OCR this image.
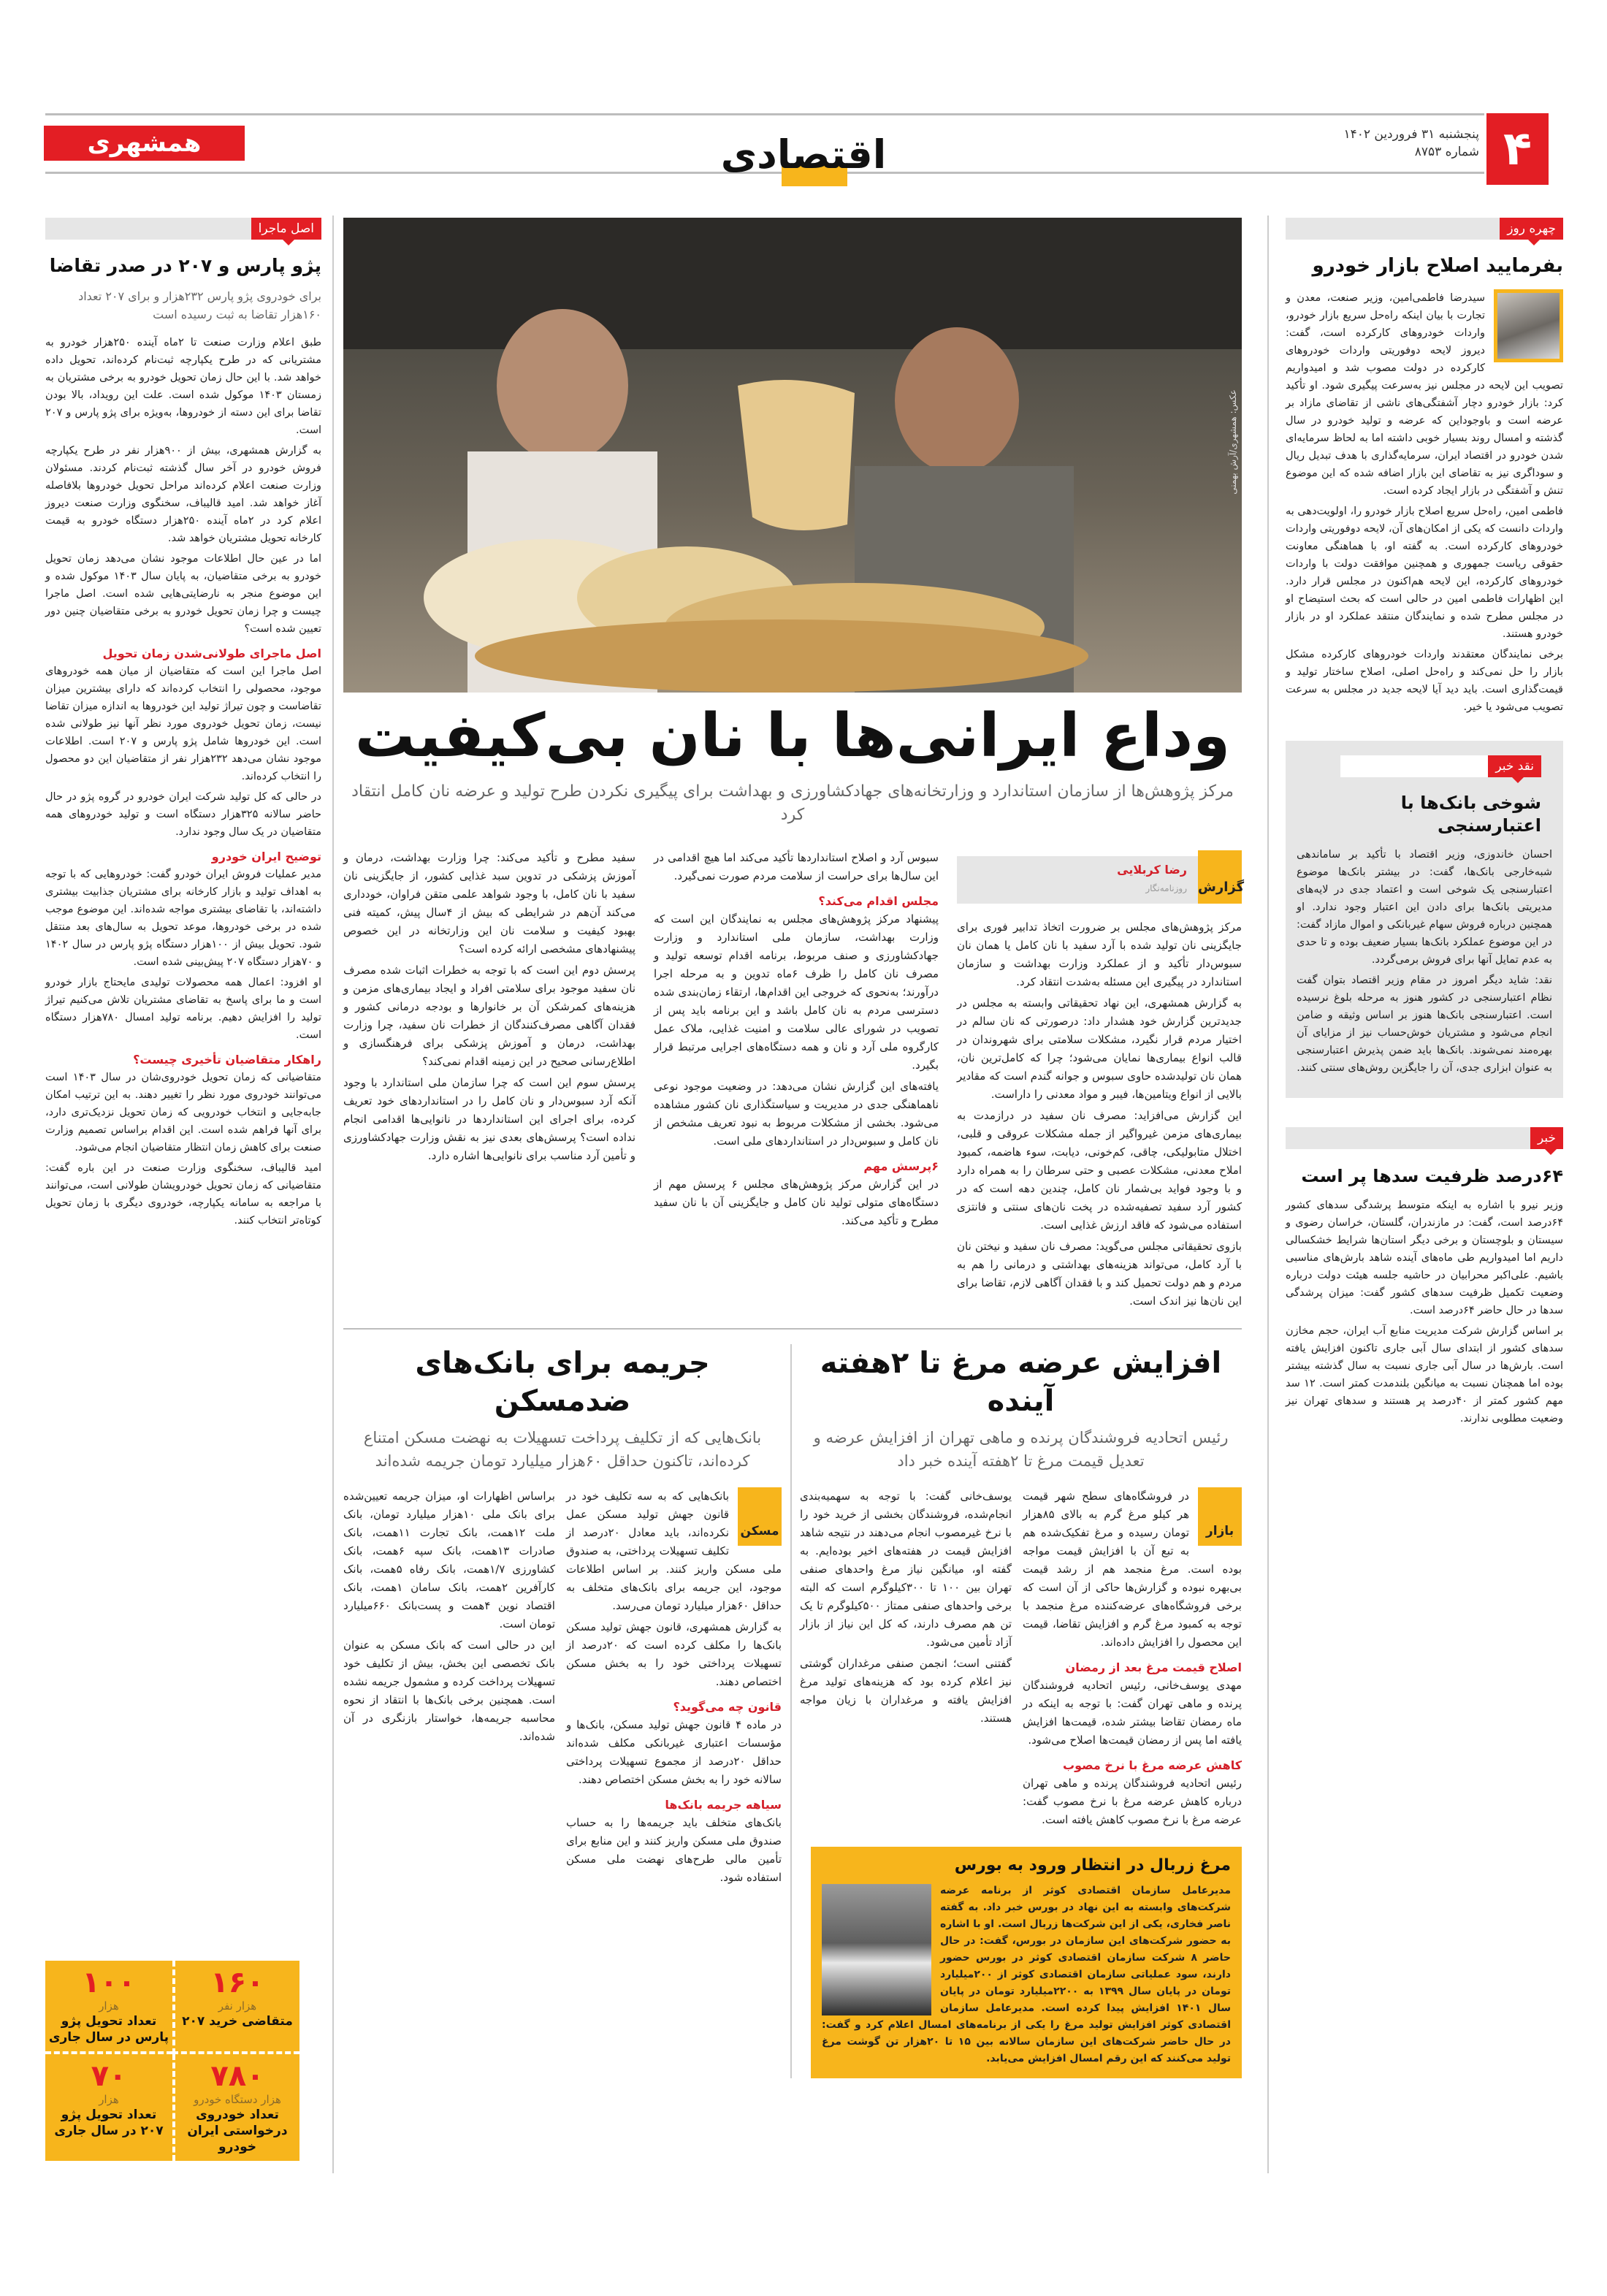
۴
پنجشنبه ۳۱ فروردین ۱۴۰۲
شماره ۸۷۵۳
اقتصادی
همشهری
چهره روز
بفرمایید اصلاح بازار خودرو

سیدرضا فاطمی‌امین، وزیر صنعت، معدن و تجارت با بیان اینکه راه‌حل سریع بازار خودرو، واردات خودروهای کارکرده است، گفت: دیروز لایحه دوفوریتی واردات خودروهای کارکرده در دولت مصوب شد و امیدواریم تصویب این لایحه در مجلس نیز به‌سرعت پیگیری شود. او تأکید کرد: بازار خودرو دچار آشفتگی‌های ناشی از تقاضای مازاد بر عرضه است و باوجوداین که عرضه و تولید خودرو در سال گذشته و امسال روند بسیار خوبی داشته اما به لحاظ سرمایه‌ای شدن خودرو در اقتصاد ایران، سرمایه‌گذاری با هدف تبدیل ریال و سوداگری نیز به تقاضای این بازار اضافه شده که این موضوع تنش و آشفتگی در بازار ایجاد کرده است.

فاطمی امین، راه‌حل سریع اصلاح بازار خودرو را، اولویت‌دهی به واردات دانست که یکی از امکان‌های آن، لایحه دوفوریتی واردات خودروهای کارکرده است. به گفته او، با هماهنگی معاونت حقوقی ریاست جمهوری و همچنین موافقت دولت با واردات خودروهای کارکرده، این لایحه هم‌اکنون در مجلس قرار دارد. این اظهارات فاطمی امین در حالی است که بحث استیضاح او در مجلس مطرح شده و نمایندگان منتقد عملکرد او در بازار خودرو هستند.

برخی نمایندگان معتقدند واردات خودروهای کارکرده مشکل بازار را حل نمی‌کند و راه‌حل اصلی، اصلاح ساختار تولید و قیمت‌گذاری است. باید دید آیا لایحه جدید در مجلس به سرعت تصویب می‌شود یا خیر.

نقد خبر
شوخی بانک‌ها با اعتبارسنجی

احسان خاندوزی، وزیر اقتصاد با تأکید بر ساماندهی شبه‌خارجی بانک‌ها، گفت: در بیشتر بانک‌ها موضوع اعتبارسنجی یک شوخی است و اعتماد جدی در لایه‌های مدیریتی بانک‌ها برای دادن این اعتبار وجود ندارد. او همچنین درباره فروش سهام غیربانکی و اموال مازاد گفت: در این موضوع عملکرد بانک‌ها بسیار ضعیف بوده و تا حدی به عدم تمایل آنها برای فروش برمی‌گردد.

نقد: شاید دیگر امروز در مقام وزیر اقتصاد بتوان گفت نظام اعتبارسنجی در کشور هنوز به مرحله بلوغ نرسیده است. اعتبارسنجی بانک‌ها هنوز بر اساس وثیقه و ضامن انجام می‌شود و مشتریان خوش‌حساب نیز از مزایای آن بهره‌مند نمی‌شوند. بانک‌ها باید ضمن پذیرش اعتبارسنجی به عنوان ابزاری جدی، آن را جایگزین روش‌های سنتی کنند.

خبر
۶۴درصد ظرفیت سدها پر است

وزیر نیرو با اشاره به اینکه متوسط پرشدگی سدهای کشور ۶۴درصد است، گفت: در مازندران، گلستان، خراسان رضوی و سیستان و بلوچستان و برخی دیگر استان‌ها شرایط خشکسالی داریم اما امیدواریم طی ماه‌های آینده شاهد بارش‌های مناسبی باشیم. علی‌اکبر محرابیان در حاشیه جلسه هیئت دولت درباره وضعیت تکمیل ظرفیت سدهای کشور گفت: میزان پرشدگی سدها در حال حاضر ۶۴درصد است.

بر اساس گزارش شرکت مدیریت منابع آب ایران، حجم مخازن سدهای کشور از ابتدای سال آبی جاری تاکنون افزایش یافته است. بارش‌ها در سال آبی جاری نسبت به سال گذشته بیشتر بوده اما همچنان نسبت به میانگین بلندمدت کمتر است. ۱۲ سد مهم کشور کمتر از ۴۰درصد پر هستند و سدهای تهران نیز وضعیت مطلوبی ندارند.

عکس: همشهری/آرش بهمنی
وداع ایرانی‌ها با نان بی‌کیفیت
مرکز پژوهش‌ها از سازمان استاندارد و وزارتخانه‌های جهادکشاورزی و بهداشت برای پیگیری نکردن طرح تولید و عرضه نان کامل انتقاد کرد
گزارش
رضا کربلایی
روزنامه‌نگار

مرکز پژوهش‌های مجلس بر ضرورت اتخاذ تدابیر فوری برای جایگزینی نان تولید شده با آرد سفید با نان کامل یا همان نان سبوس‌دار تأکید و از عملکرد وزارت بهداشت و سازمان استاندارد در پیگیری این مسئله به‌شدت انتقاد کرد.

به گزارش همشهری، این نهاد تحقیقاتی وابسته به مجلس در جدیدترین گزارش خود هشدار داد: درصورتی که نان سالم در اختیار مردم قرار نگیرد، مشکلات سلامتی برای شهروندان در قالب انواع بیماری‌ها نمایان می‌شود؛ چرا که کامل‌ترین نان، همان نان تولیدشده حاوی سبوس و جوانه گندم است که مقادیر بالایی از انواع ویتامین‌ها، فیبر و مواد معدنی را داراست.

این گزارش می‌افزاید: مصرف نان سفید در درازمدت به بیماری‌های مزمن غیرواگیر از جمله مشکلات عروقی و قلبی، اختلال متابولیکی، چاقی، کم‌خونی، دیابت، سوء هاضمه، کمبود املاح معدنی، مشکلات عصبی و حتی سرطان را به همراه دارد و با وجود فواید بی‌شمار نان کامل، چندین دهه است که در کشور آرد سفید تصفیه‌شده در پخت نان‌های سنتی و فانتزی استفاده می‌شود که فاقد ارزش غذایی است.

بازوی تحقیقاتی مجلس می‌گوید: مصرف نان سفید و نیختن نان با آرد کامل، می‌تواند هزینه‌های بهداشتی و درمانی را هم به مردم و هم دولت تحمیل کند و با فقدان آگاهی لازم، تقاضا برای این نان‌ها نیز اندک است.

سبوس آرد و اصلاح استانداردها تأکید می‌کند اما هیچ اقدامی در این سال‌ها برای حراست از سلامت مردم صورت نمی‌گیرد.

مجلس اقدام می‌کند؟

پیشنهاد مرکز پژوهش‌های مجلس به نمایندگان این است که وزارت بهداشت، سازمان ملی استاندارد و وزارت جهادکشاورزی و صنف مربوط، برنامه اقدام توسعه تولید و مصرف نان کامل را ظرف ۶ماه تدوین و به مرحله اجرا درآورند؛ به‌نحوی که خروجی این اقدام‌ها، ارتقاء زمان‌بندی شده دسترسی مردم به نان کامل باشد و این برنامه باید پس از تصویب در شورای عالی سلامت و امنیت غذایی، ملاک عمل کارگروه ملی آرد و نان و همه دستگاه‌های اجرایی مرتبط قرار بگیرد.

یافته‌های این گزارش نشان می‌دهد: در وضعیت موجود نوعی ناهماهنگی جدی در مدیریت و سیاستگذاری نان کشور مشاهده می‌شود. بخشی از مشکلات مربوط به نبود تعریف مشخص از نان کامل و سبوس‌دار در استانداردهای ملی است.

۶پرسش مهم

در این گزارش مرکز پژوهش‌های مجلس ۶ پرسش مهم از دستگاه‌های متولی تولید نان کامل و جایگزینی آن با نان سفید مطرح و تأکید می‌کند.

سفید مطرح و تأکید می‌کند: چرا وزارت بهداشت، درمان و آموزش پزشکی در تدوین سبد غذایی کشور، از جایگزینی نان سفید با نان کامل، با وجود شواهد علمی متقن فراوان، خودداری می‌کند آن‌هم در شرایطی که بیش از ۴سال پیش، کمیته فنی بهبود کیفیت و سلامت نان این وزارتخانه در این خصوص پیشنهادهای مشخصی ارائه کرده است؟

پرسش دوم این است که با توجه به خطرات اثبات شده مصرف نان سفید موجود برای سلامتی افراد و ایجاد بیماری‌های مزمن و هزینه‌های کمرشکن آن بر خانوارها و بودجه درمانی کشور و فقدان آگاهی مصرف‌کنندگان از خطرات نان سفید، چرا وزارت بهداشت، درمان و آموزش پزشکی برای فرهنگسازی و اطلاع‌رسانی صحیح در این زمینه اقدام نمی‌کند؟

پرسش سوم این است که چرا سازمان ملی استاندارد با وجود آنکه آرد سبوس‌دار و نان کامل را در استانداردهای خود تعریف کرده، برای اجرای این استانداردها در نانوایی‌ها اقدامی انجام نداده است؟ پرسش‌های بعدی نیز به نقش وزارت جهادکشاورزی و تأمین آرد مناسب برای نانوایی‌ها اشاره دارد.

افزایش عرضه مرغ تا ۲هفته آینده
رئیس اتحادیه فروشندگان پرنده و ماهی تهران از افزایش عرضه و تعدیل قیمت مرغ تا ۲هفته آینده خبر داد
بازار

در فروشگاه‌های سطح شهر قیمت هر کیلو مرغ گرم به بالای ۸۵هزار تومان رسیده و مرغ تفکیک‌شده هم به تبع آن با افزایش قیمت مواجه بوده است. مرغ منجمد هم از رشد قیمت بی‌بهره نبوده و گزارش‌ها حاکی از آن است که برخی فروشگاه‌های عرضه‌کننده مرغ منجمد با توجه به کمبود مرغ گرم و افزایش تقاضا، قیمت این محصول را افزایش داده‌اند.

اصلاح قیمت مرغ بعد از رمضان

مهدی یوسف‌خانی، رئیس اتحادیه فروشندگان پرنده و ماهی تهران گفت: با توجه به اینکه در ماه رمضان تقاضا بیشتر شده، قیمت‌ها افزایش یافته اما پس از رمضان قیمت‌ها اصلاح می‌شود.

کاهش عرضه مرغ با نرخ مصوب

رئیس اتحادیه فروشندگان پرنده و ماهی تهران درباره کاهش عرضه مرغ با نرخ مصوب گفت: عرضه مرغ با نرخ مصوب کاهش یافته است.

یوسف‌خانی گفت: با توجه به سهمیه‌بندی انجام‌شده، فروشندگان بخشی از خرید خود را با نرخ غیرمصوب انجام می‌دهند در نتیجه شاهد افزایش قیمت در هفته‌های اخیر بوده‌ایم. به گفته او، میانگین نیاز مرغ واحدهای صنفی تهران بین ۱۰۰ تا ۳۰۰کیلوگرم است که البته برخی واحدهای صنفی ممتاز ۵۰۰کیلوگرم تا یک تن هم مصرف دارند، که کل این نیاز از بازار آزاد تأمین می‌شود.

گفتنی است؛ انجمن صنفی مرغداران گوشتی نیز اعلام کرده بود که هزینه‌های تولید مرغ افزایش یافته و مرغداران با زیان مواجه هستند.

مرغ زربال در انتظار ورود به بورس
مدیرعامل سازمان اقتصادی کوثر از برنامه عرضه شرکت‌های وابسته به این نهاد در بورس خبر داد. به گفته ناصر فخاری، یکی از این شرکت‌ها زربال است. او با اشاره به حضور شرکت‌های این سازمان در بورس، گفت: در حال حاضر ۸ شرکت سازمان اقتصادی کوثر در بورس حضور دارند، سود عملیاتی سازمان اقتصادی کوثر از ۲۰۰میلیارد تومان در پایان سال ۱۳۹۹ به ۲۲۰۰میلیارد تومان در پایان سال ۱۴۰۱ افزایش پیدا کرده است. مدیرعامل سازمان اقتصادی کوثر افزایش تولید مرغ را یکی از برنامه‌های امسال اعلام کرد و گفت: در حال حاضر شرکت‌های این سازمان سالانه بین ۱۵ تا ۲۰هزار تن گوشت مرغ تولید می‌کنند که این رقم امسال افزایش می‌یابد.
جریمه برای بانک‌های ضدمسکن
بانک‌هایی که از تکلیف پرداخت تسهیلات به نهضت مسکن امتناع کرده‌اند، تاکنون حداقل ۶۰هزار میلیارد تومان جریمه شده‌اند
مسکن

بانک‌هایی که به سه تکلیف خود در قانون جهش تولید مسکن عمل نکرده‌اند، باید معادل ۲۰درصد از تکلیف تسهیلات پرداختی، به صندوق ملی مسکن واریز کنند. بر اساس اطلاعات موجود، این جریمه برای بانک‌های متخلف به حداقل ۶۰هزار میلیارد تومان می‌رسد.

به گزارش همشهری، قانون جهش تولید مسکن بانک‌ها را مکلف کرده است که ۲۰درصد از تسهیلات پرداختی خود را به بخش مسکن اختصاص دهند.

قانون چه می‌گوید؟

در ماده ۴ قانون جهش تولید مسکن، بانک‌ها و مؤسسات اعتباری غیربانکی مکلف شده‌اند حداقل ۲۰درصد از مجموع تسهیلات پرداختی سالانه خود را به بخش مسکن اختصاص دهند.

سیاهه جریمه بانک‌ها

بانک‌های متخلف باید جریمه‌ها را به حساب صندوق ملی مسکن واریز کنند و این منابع برای تأمین مالی طرح‌های نهضت ملی مسکن استفاده شود.

براساس اظهارات او، میزان جریمه تعیین‌شده برای بانک ملی ۱۰هزار میلیارد تومان، بانک ملت ۱۲همت، بانک تجارت ۱۱همت، بانک صادرات ۱۳همت، بانک سپه ۶همت، بانک کشاورزی ۱/۷همت، بانک رفاه ۵همت، بانک کارآفرین ۲همت، بانک سامان ۱همت، بانک اقتصاد نوین ۴همت و پست‌بانک ۶۶۰میلیارد تومان است.

این در حالی است که بانک مسکن به عنوان بانک تخصصی این بخش، بیش از تکلیف خود تسهیلات پرداخت کرده و مشمول جریمه نشده است. همچنین برخی بانک‌ها با انتقاد از نحوه محاسبه جریمه‌ها، خواستار بازنگری در آن شده‌اند.

اصل ماجرا
پژو پارس و ۲۰۷ در صدر تقاضا
برای خودروی پژو پارس ۲۳۲هزار و برای ۲۰۷ تعداد ۱۶۰هزار تقاضا به ثبت رسیده است

طبق اعلام وزارت صنعت تا ۲ماه آینده ۲۵۰هزار خودرو به مشتریانی که در طرح یکپارچه ثبت‌نام کرده‌اند، تحویل داده خواهد شد. با این حال زمان تحویل خودرو به برخی مشتریان به زمستان ۱۴۰۳ موکول شده است. علت این رویداد، بالا بودن تقاضا برای این دسته از خودروها، به‌ویژه برای پژو پارس و ۲۰۷ است.

به گزارش همشهری، بیش از ۹۰۰هزار نفر در طرح یکپارچه فروش خودرو در آخر سال گذشته ثبت‌نام کردند. مسئولان وزارت صنعت اعلام کرده‌اند مراحل تحویل خودروها بلافاصله آغاز خواهد شد. امید قالیباف، سخنگوی وزارت صنعت دیروز اعلام کرد در ۲ماه آینده ۲۵۰هزار دستگاه خودرو به قیمت کارخانه تحویل مشتریان خواهد شد.

اما در عین حال اطلاعات موجود نشان می‌دهد زمان تحویل خودرو به برخی متقاضیان، به پایان سال ۱۴۰۳ موکول شده و این موضوع منجر به نارضایتی‌هایی شده است. اصل ماجرا چیست و چرا زمان تحویل خودرو به برخی متقاضیان چنین دور تعیین شده است؟

اصل ماجرای طولانی‌شدن زمان تحویل

اصل ماجرا این است که متقاضیان از میان همه خودروهای موجود، محصولی را انتخاب کرده‌اند که دارای بیشترین میزان تقاضاست و چون تیراژ تولید این خودروها به اندازه میزان تقاضا نیست، زمان تحویل خودروی مورد نظر آنها نیز طولانی شده است. این خودروها شامل پژو پارس و ۲۰۷ است. اطلاعات موجود نشان می‌دهد ۲۳۲هزار نفر از متقاضیان این دو محصول را انتخاب کرده‌اند.

در حالی که کل تولید شرکت ایران خودرو در گروه پژو در حال حاضر سالانه ۳۲۵هزار دستگاه است و تولید خودروهای همه متقاضیان در یک سال وجود ندارد.

توضیح ایران خودرو

مدیر عملیات فروش ایران خودرو گفت: خودروهایی که با توجه به اهداف تولید و بازار کارخانه برای مشتریان جذابیت بیشتری داشته‌اند، با تقاضای بیشتری مواجه شده‌اند. این موضوع موجب شده در برخی خودروها، موعد تحویل به سال‌های بعد منتقل شود. تحویل بیش از ۱۰۰هزار دستگاه پژو پارس در سال ۱۴۰۲ و ۷۰هزار دستگاه ۲۰۷ پیش‌بینی شده است.

او افزود: اعمال همه محصولات تولیدی مایحتاج بازار خودرو است و ما برای پاسخ به تقاضای مشتریان تلاش می‌کنیم تیراژ تولید را افزایش دهیم. برنامه تولید امسال ۷۸۰هزار دستگاه است.

راهکار متقاضیان تأخیری چیست؟

متقاضیانی که زمان تحویل خودروی‌شان در سال ۱۴۰۳ است می‌توانند خودروی مورد نظر را تغییر دهند. به این ترتیب امکان جابه‌جایی و انتخاب خودرویی که زمان تحویل نزدیک‌تری دارد، برای آنها فراهم شده است. این اقدام براساس تصمیم وزارت صنعت برای کاهش زمان انتظار متقاضیان انجام می‌شود.

امید قالیباف، سخنگوی وزارت صنعت در این باره گفت: متقاضیانی که زمان تحویل خودرویشان طولانی است، می‌توانند با مراجعه به سامانه یکپارچه، خودروی دیگری با زمان تحویل کوتاه‌تر انتخاب کنند.

۱۶۰
هزار نفر
متقاضی خرید ۲۰۷
۱۰۰
هزار
تعداد تحویل پژو پارس در سال جاری
۷۸۰
هزار دستگاه خودرو
تعداد خودروی درخواستی ایران خودرو
۷۰
هزار
تعداد تحویل پژو ۲۰۷ در سال جاری
